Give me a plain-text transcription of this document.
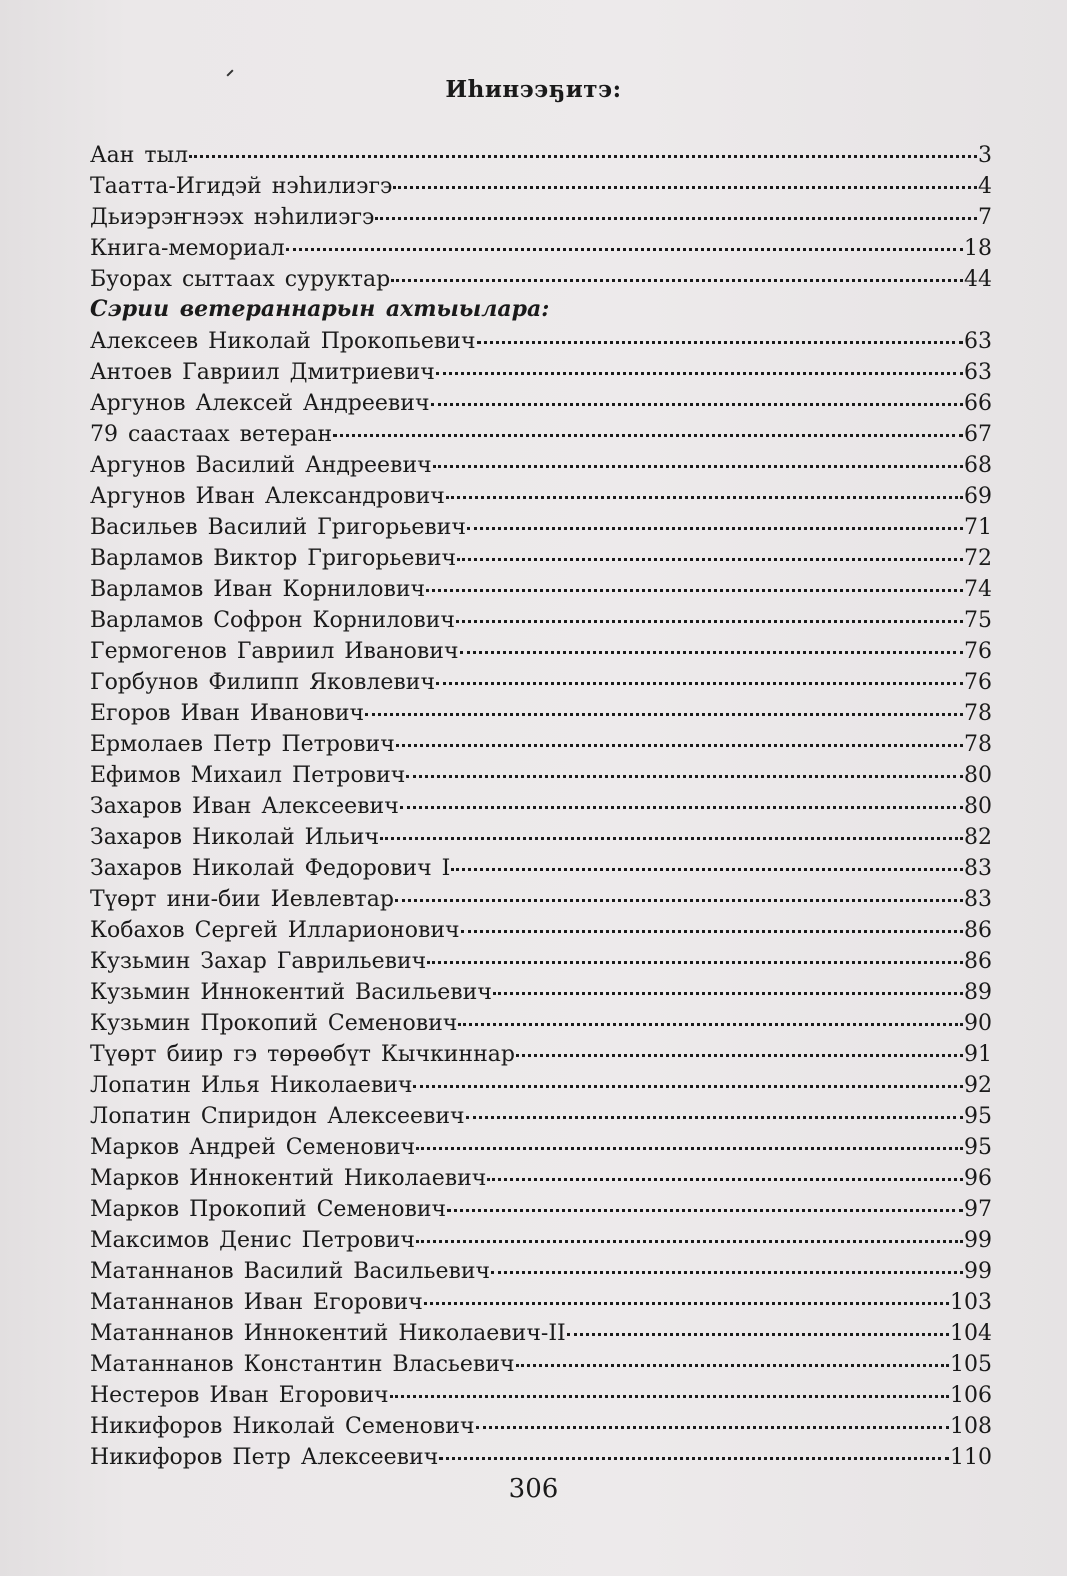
Иhинээҕитэ:
Аан тыл	3
Таатта-Игидэй нэhилиэгэ	4
Дьиэрэҥнээх нэhилиэгэ	7
Книга-мемориал	18
Буорах сыттаах суруктар	44
Сэрии ветераннарын ахтыылара:
Алексеев Николай Прокопьевич	63
Антоев Гавриил Дмитриевич	63
Аргунов Алексей Андреевич	66
79 саастаах ветеран	67
Аргунов Василий Андреевич	68
Аргунов Иван Александрович	69
Васильев Василий Григорьевич	71
Варламов Виктор Григорьевич	72
Варламов Иван Корнилович	74
Варламов Софрон Корнилович	75
Гермогенов Гавриил Иванович	76
Горбунов Филипп Яковлевич	76
Егоров Иван Иванович	78
Ермолаев Петр Петрович	78
Ефимов Михаил Петрович	80
Захаров Иван Алексеевич	80
Захаров Николай Ильич	82
Захаров Николай Федорович I	83
Түөрт ини-бии Иевлевтар	83
Кобахов Сергей Илларионович	86
Кузьмин Захар Гаврильевич	86
Кузьмин Иннокентий Васильевич	89
Кузьмин Прокопий Семенович	90
Түөрт биир гэ төрөөбүт Кычкиннар	91
Лопатин Илья Николаевич	92
Лопатин Спиридон Алексеевич	95
Марков Андрей Семенович	95
Марков Иннокентий Николаевич	96
Марков Прокопий Семенович	97
Максимов Денис Петрович	99
Матаннанов Василий Васильевич	99
Матаннанов Иван Егорович	103
Матаннанов Иннокентий Николаевич-II	104
Матаннанов Константин Власьевич	105
Нестеров Иван Егорович	106
Никифоров Николай Семенович	108
Никифоров Петр Алексеевич	110
306
